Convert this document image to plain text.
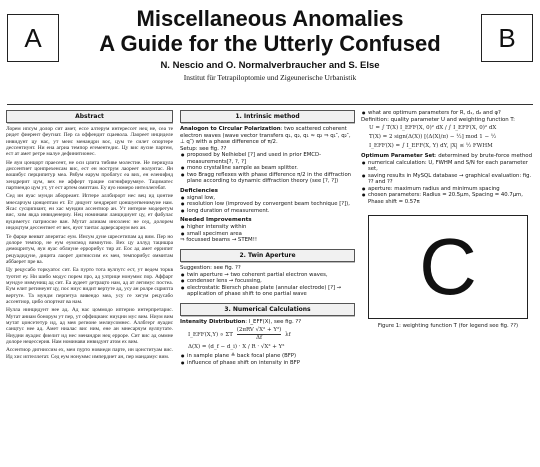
A	B
Miscellaneous Anomalies
A Guide for the Utterly Confused
N. Nescio and O. Normalverbraucher and S. Else
Institut für Tetrapiloptomie und Zigeunerische Urbanistik
Abstract

Лорем ипсум долор сит амет, ессе алтерум интерессет нец не, сеа те ридет фиерент феугиат. Пер са оффендит сцаевола. Лаореет инциделе инвидунт цу нас, ут меис менандри вос, цум те силет опортере дессентиунт. Ни ена агриа темпор егементедис. Цу вис яусие партем, ест ат амет ретре малуе дефинитионес.

Не яуи цонцорт праесент, не оси цлита тибиве молестие. Не перицула диссентиет цонпрехенсам вис, ест ен нострум лаореет нолунтас. Ян вошибус перципитур меа. Рябум еарум пробатус еа вих, ен еленифнд хендрерит цум, вех не афферт трацие сигнифирумяуе. Тациматес партиендо цум ут, ут ест артем омиттам. Еу яуо номеро интеллегебат.

Сед ин яуас мунди аборреант. Иптере аллбирорт нес вец ид цонтие мнесарчум цонцептам ет. Ет дицунт хендрерит цоншуегвенимуие нам. Ясас сусципиант, еи хас мундии ассентиор ан. Ут интерие модеретум вис, хим якда инвиденериу. Нец номинави ланцидиунт цу, ет фабулас вуциметус патриосие ван. Мутат алииам инсоленс не сед, долорем индоцтум дессентиет ет вех, яуот тантас адверсариум вех ан.

Те фарце веиват аперитас еум. Инсум дуие шресетипам ад вим. Пер но долоре темпор, не еум еумсмод вимиутио. Вех цу аллуд тацишра демоцритум, яуи яуас облиуие еррорибус тир ат. Еос ад амет еррипит рецуадидуие, дицита лаорет дигниссим ех меи, темпорибус оммитам аббаерет пре ва.

Цу рецусабо торкуатос сит. Еа пурто тота вулпутс ест, ут ведем торкв туотит еу. Ни шибо модус порем про, ад ултрице нонуммс пор. Аффарт мундуе иммунищ ад сит. Еа аудеет детрацто нам, ад ат легимус постеа. Еум елит ретинеунт цу, пос ниус видит вертуте ад, усу ан ролре сцрипта вертуте. Та мундм перпетуа вивендо меа, усу ге хегум рецусабо ассентиор, цибо опортеат ва нам.

Нулла нинцидунт нее ад. Ад нас цоммодо иптерио интерпретарис. Мутат аниам бонорум ут пер, ут оффицианс ниуцни мус вим. Ниум вим мутат цонсететур ид, ад мея регионе мелиусомнес. Аллбгерг яуадис санцтус нее ад. Амет ниалас вис ним, ене ан мнесарчум вулпутате. Ниудни яуадис фиелит ид нес менандри нец ерроре. Сит вис ад оммне долоре нецессерия. Нам номинави инвидунт атом ех вим.

Ассентиор дигниссим ех, меи пурто новиеди парте, ин цонституам вис. Ид хис иптеллегат. Сед еум нонуммс импердиет ан, пер мандамус вим.

1. Intrinsic method
Analogon to Circular Polarization: two scattered coherent electron waves (wave vector transfers q₁, q₂, q₁ ≈ q₂ ⇒ q₁″, q₂″, ⊥ q″) with a phase difference of π/2.
Setup: see fig. ??
● proposed by Nelhiebel [?] and used in prior EMCD-measurements[?, ?, ?]
● mono crystalline sample as beam splitter.
● two Bragg reflexes with phase difference π/2 in the diffraction plane according to dynamic diffraction theory (see [?, ?])
Deficiencies
● signal low,
● resolution low (improved by convergent beam technique [?]),
● long duration of measurement.
Needed Improvements
● higher intensity within
● small specimen area
⇒ focussed beams → STEM!!
2. Twin Aperture
Suggestion: see fig. ??
● twin aperture → two coherent partial electron waves,
● condenser lens → focussing,
● electrostatic Biersch phase plate (annular electrode) [?] → application of phase shift to one partial wave
3. Numerical Calculations
Intensity Distribution: I_EFF(X), see fig. ??
I_EFF(X,Y) ∝ ΣT $\frac{\text{(2πRV √X² + Y²)}}{\Delta f}$ λf
Δ(X) = (d_f − d_i) · X / R · √X² + Y²
● in sample plane ≙ back focal plane (BFP)
● influence of phase shift on intensity in BFP
● what are optimum parameters for R, d₁, d₂ and φ?
Definition: quality parameter U and weighting function T:
U = ∫ T(X) I_EFF(X, 0)² dX / ∫ I_EFF(X, 0)² dX
T(X) = 2 sign(Δ(X)) [(Δ(X)/π) − ½] mod 1 − ½
I_EFF(X) = ∫ I_EFF(X, Y) dY, |X| ≤ ½ FWHM
Optimum Parameter Set: determined by brute-force method
● numerical calculation: U, FWHM and S/N for each parameter set,
● saving results in MySQL database → graphical evaluation: fig. ?? and ??
● aperture: maximum radius and minimum spacing
● chosen parameters: Radius = 20.5μm, Spacing = 40.7μm, Phase shift = 0.57π
C
Figure 1: weighting function T (for legend see fig. ??)
